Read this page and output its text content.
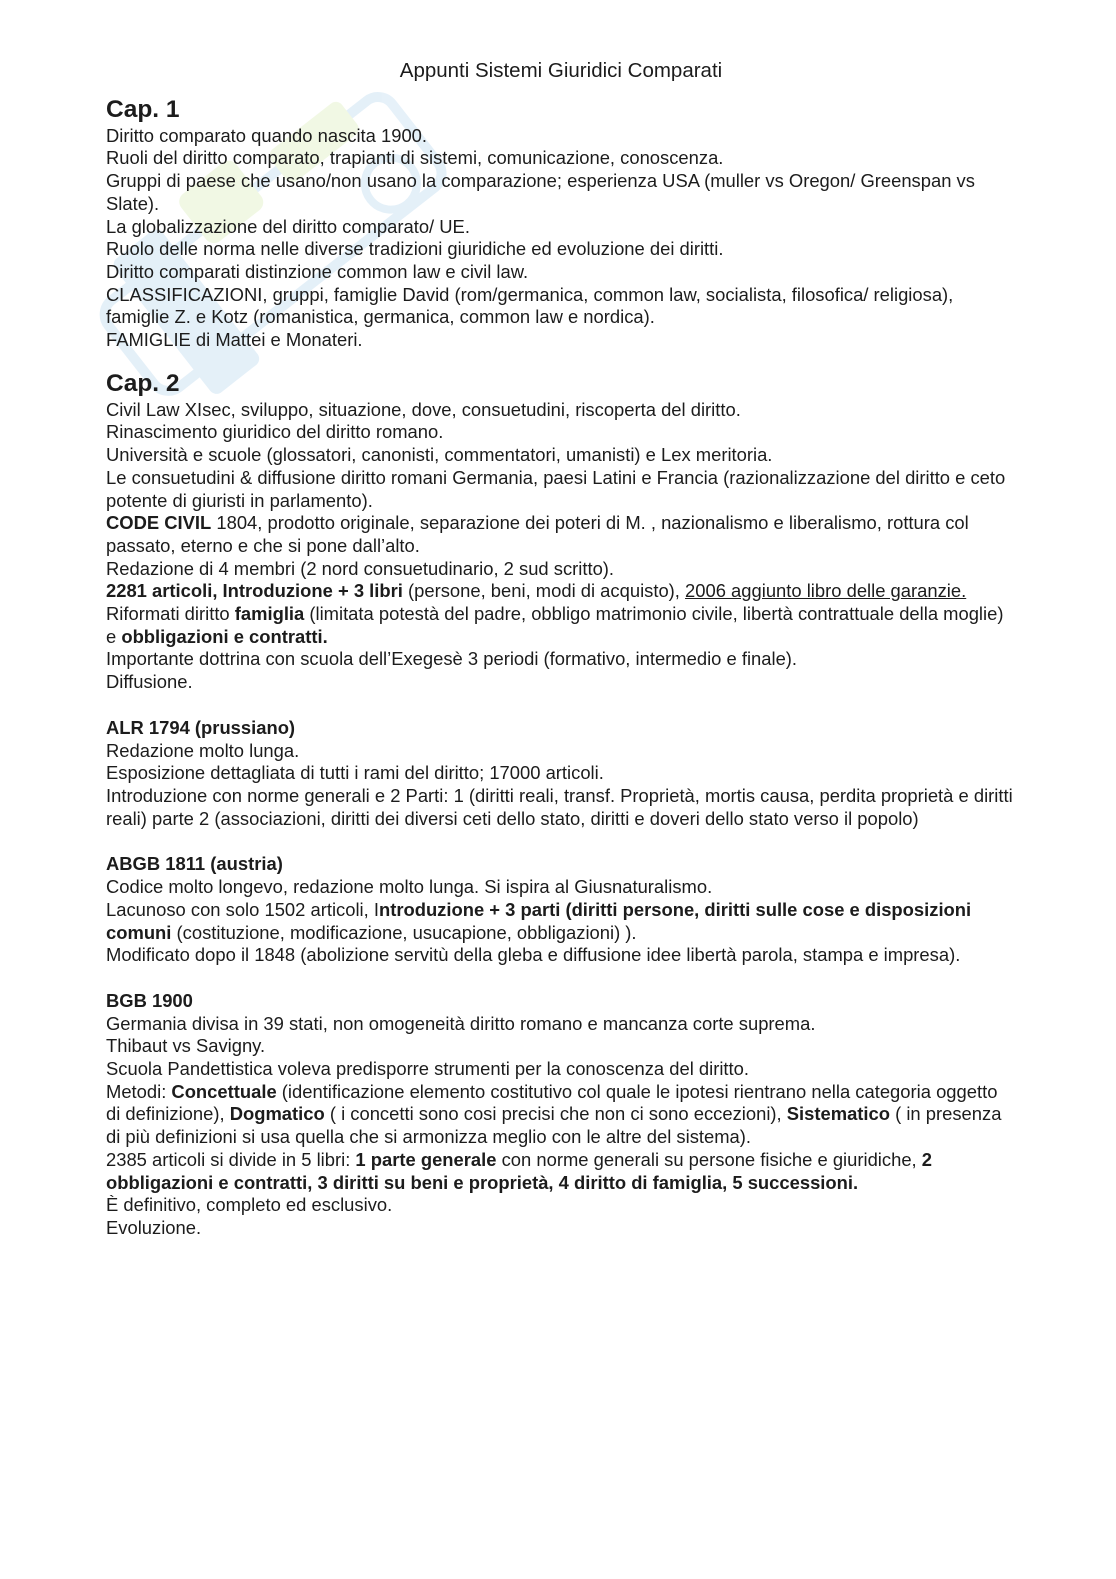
Appunti Sistemi Giuridici Comparati
Cap. 1

Diritto comparato quando nascita 1900.

Ruoli del diritto comparato, trapianti di sistemi, comunicazione, conoscenza.

Gruppi di paese che usano/non usano la comparazione; esperienza USA (muller vs Oregon/ Greenspan vs Slate).

La globalizzazione del diritto comparato/ UE.

Ruolo delle norma nelle diverse tradizioni giuridiche ed evoluzione dei diritti.

Diritto comparati distinzione common law e civil law.

CLASSIFICAZIONI, gruppi, famiglie David (rom/germanica, common law, socialista, filosofica/ religiosa), famiglie Z. e Kotz (romanistica, germanica, common law e nordica).

FAMIGLIE di Mattei e Monateri.

Cap. 2

Civil Law XIsec, sviluppo, situazione, dove, consuetudini, riscoperta del diritto.

Rinascimento giuridico del diritto romano.

Università e scuole (glossatori, canonisti, commentatori, umanisti) e Lex meritoria.

Le consuetudini & diffusione diritto romani Germania, paesi Latini e Francia (razionalizzazione del diritto e ceto potente di giuristi in parlamento).

CODE CIVIL 1804, prodotto originale, separazione dei poteri di M. , nazionalismo e liberalismo, rottura col passato, eterno e che si pone dall’alto.

Redazione di 4 membri (2 nord consuetudinario, 2 sud scritto).

2281 articoli, Introduzione + 3 libri (persone, beni, modi di acquisto), 2006 aggiunto libro delle garanzie.

Riformati diritto famiglia (limitata potestà del padre, obbligo matrimonio civile, libertà contrattuale della moglie) e obbligazioni e contratti.

Importante dottrina con scuola dell’Exegesè 3 periodi (formativo, intermedio e finale).

Diffusione.

ALR 1794 (prussiano)

Redazione molto lunga.

Esposizione dettagliata di tutti i rami del diritto; 17000 articoli.

Introduzione con norme generali e 2 Parti: 1 (diritti reali, transf. Proprietà, mortis causa, perdita proprietà e diritti reali) parte 2 (associazioni, diritti dei diversi ceti dello stato, diritti e doveri dello stato verso il popolo)

ABGB 1811 (austria)

Codice molto longevo, redazione molto lunga. Si ispira al Giusnaturalismo.

Lacunoso con solo 1502 articoli, Introduzione + 3 parti (diritti persone, diritti sulle cose e disposizioni comuni (costituzione, modificazione, usucapione, obbligazioni) ).

Modificato dopo il 1848 (abolizione servitù della gleba e diffusione idee libertà parola, stampa e impresa).

BGB 1900

Germania divisa in 39 stati, non omogeneità diritto romano e mancanza corte suprema.

Thibaut vs Savigny.

Scuola Pandettistica voleva predisporre strumenti per la conoscenza del diritto.

Metodi: Concettuale (identificazione elemento costitutivo col quale le ipotesi rientrano nella categoria oggetto di definizione), Dogmatico ( i concetti sono cosi precisi che non ci sono eccezioni), Sistematico ( in presenza di più definizioni si usa quella che si armonizza meglio con le altre del sistema).

2385 articoli si divide in 5 libri: 1 parte generale con norme generali su persone fisiche e giuridiche, 2 obbligazioni e contratti, 3 diritti su beni e proprietà, 4 diritto di famiglia, 5 successioni.

È definitivo, completo ed esclusivo.

Evoluzione.
